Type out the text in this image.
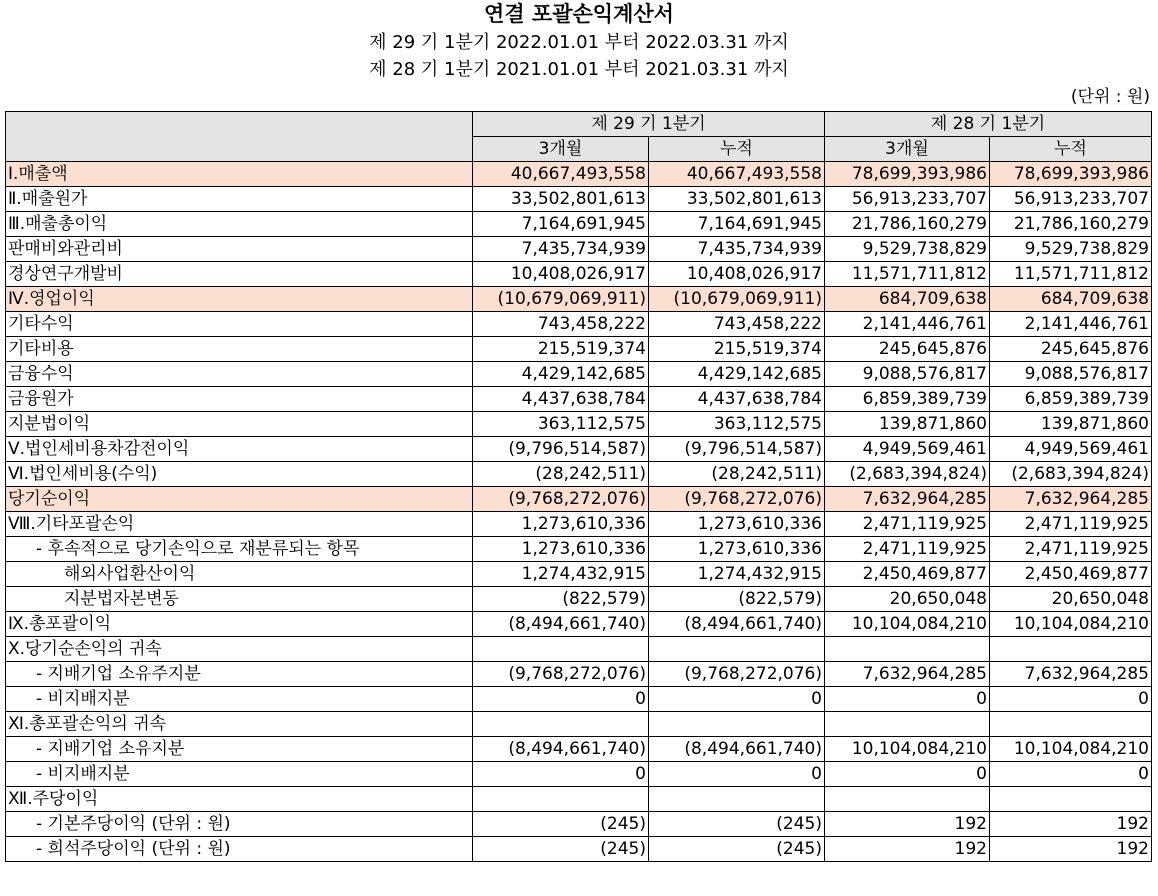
연결 포괄손익계산서
제 29 기 1분기 2022.01.01 부터 2022.03.31 까지
제 28 기 1분기 2021.01.01 부터 2021.03.31 까지
(단위 : 원)
	제 29 기 1분기		제 28 기 1분기	
	3개월	누적	3개월	누적
Ⅰ.매출액	40,667,493,558	40,667,493,558	78,699,393,986	78,699,393,986
Ⅱ.매출원가	33,502,801,613	33,502,801,613	56,913,233,707	56,913,233,707
Ⅲ.매출총이익	7,164,691,945	7,164,691,945	21,786,160,279	21,786,160,279
판매비와관리비	7,435,734,939	7,435,734,939	9,529,738,829	9,529,738,829
경상연구개발비	10,408,026,917	10,408,026,917	11,571,711,812	11,571,711,812
Ⅳ.영업이익	(10,679,069,911)	(10,679,069,911)	684,709,638	684,709,638
기타수익	743,458,222	743,458,222	2,141,446,761	2,141,446,761
기타비용	215,519,374	215,519,374	245,645,876	245,645,876
금융수익	4,429,142,685	4,429,142,685	9,088,576,817	9,088,576,817
금융원가	4,437,638,784	4,437,638,784	6,859,389,739	6,859,389,739
지분법이익	363,112,575	363,112,575	139,871,860	139,871,860
Ⅴ.법인세비용차감전이익	(9,796,514,587)	(9,796,514,587)	4,949,569,461	4,949,569,461
Ⅵ.법인세비용(수익)	(28,242,511)	(28,242,511)	(2,683,394,824)	(2,683,394,824)
당기순이익	(9,768,272,076)	(9,768,272,076)	7,632,964,285	7,632,964,285
Ⅷ.기타포괄손익	1,273,610,336	1,273,610,336	2,471,119,925	2,471,119,925
- 후속적으로 당기손익으로 재분류되는 항목	1,273,610,336	1,273,610,336	2,471,119,925	2,471,119,925
해외사업환산이익	1,274,432,915	1,274,432,915	2,450,469,877	2,450,469,877
지분법자본변동	(822,579)	(822,579)	20,650,048	20,650,048
Ⅸ.총포괄이익	(8,494,661,740)	(8,494,661,740)	10,104,084,210	10,104,084,210
Ⅹ.당기순손익의 귀속				
- 지배기업 소유주지분	(9,768,272,076)	(9,768,272,076)	7,632,964,285	7,632,964,285
- 비지배지분	0	0	0	0
Ⅺ.총포괄손익의 귀속				
- 지배기업 소유지분	(8,494,661,740)	(8,494,661,740)	10,104,084,210	10,104,084,210
- 비지배지분	0	0	0	0
Ⅻ.주당이익				
- 기본주당이익 (단위 : 원)	(245)	(245)	192	192
- 희석주당이익 (단위 : 원)	(245)	(245)	192	192
